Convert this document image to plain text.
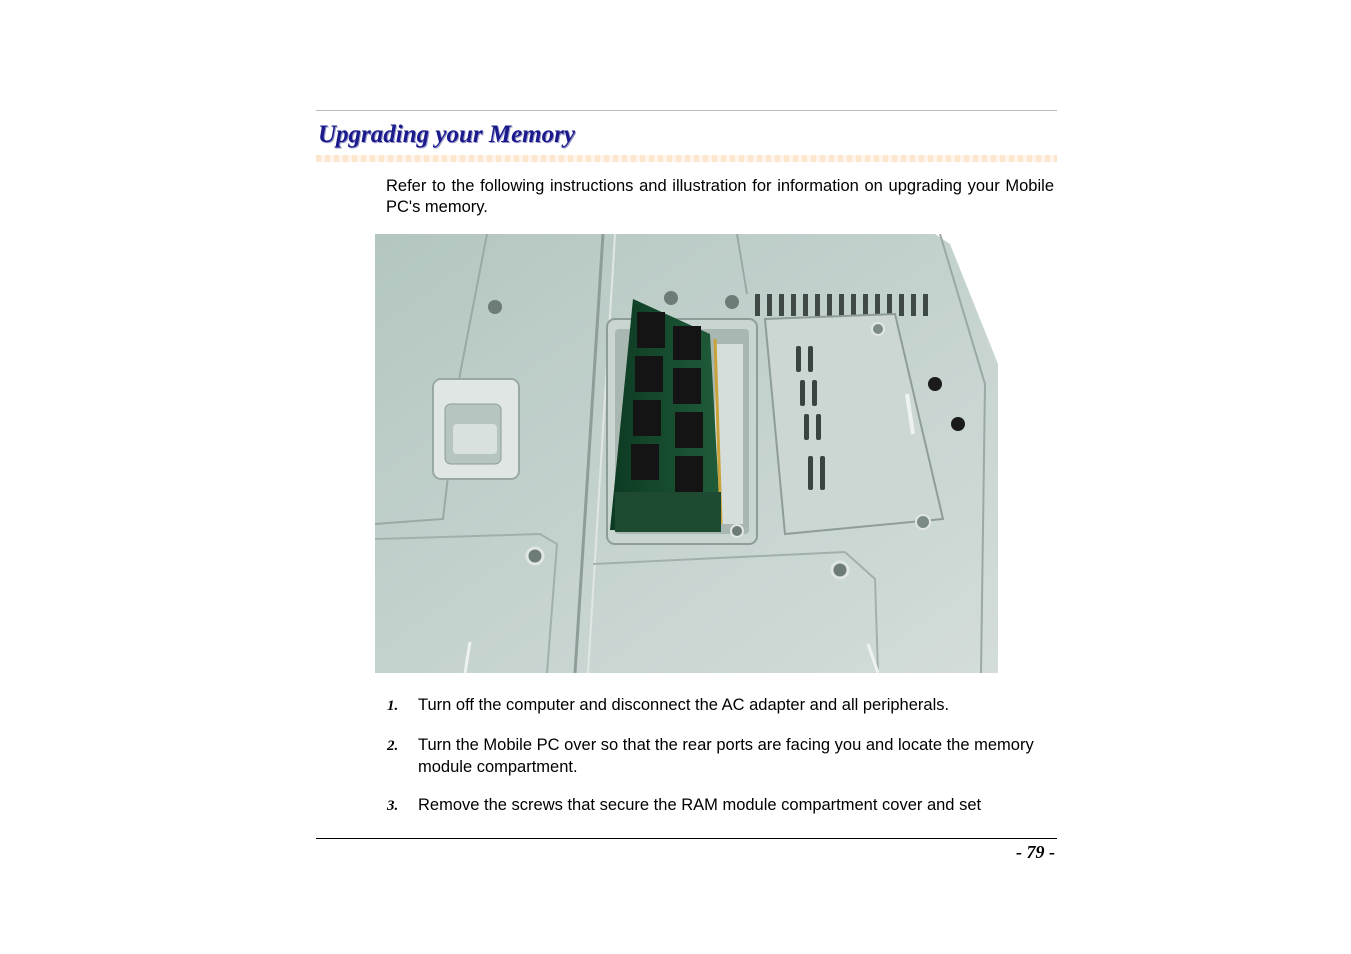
Upgrading your Memory

Refer to the following instructions and illustration for information on upgrading your Mobile PC's memory.

1. Turn off the computer and disconnect the AC adapter and all peripherals.
2. Turn the Mobile PC over so that the rear ports are facing you and locate the memory module compartment.
3. Remove the screws that secure the RAM module compartment cover and set
- 79 -
